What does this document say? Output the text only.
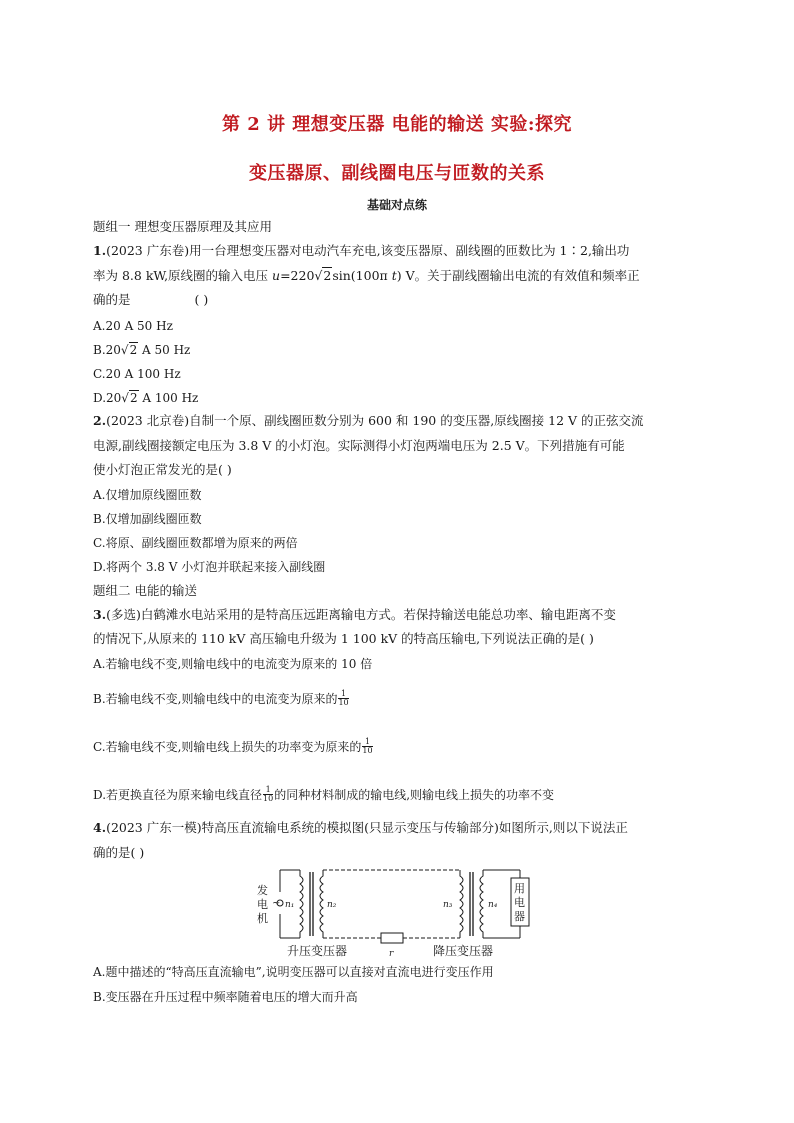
第 2 讲 理想变压器 电能的输送 实验:探究
变压器原、副线圈电压与匝数的关系
基础对点练
题组一 理想变压器原理及其应用
1.(2023 广东卷)用一台理想变压器对电动汽车充电,该变压器原、副线圈的匝数比为 1∶2,输出功
率为 8.8 kW,原线圈的输入电压 u=220√2sin(100π t) V。关于副线圈输出电流的有效值和频率正
确的是	( )
A.20 A 50 Hz
B.20√2 A 50 Hz
C.20 A 100 Hz
D.20√2 A 100 Hz
2.(2023 北京卷)自制一个原、副线圈匝数分别为 600 和 190 的变压器,原线圈接 12 V 的正弦交流
电源,副线圈接额定电压为 3.8 V 的小灯泡。实际测得小灯泡两端电压为 2.5 V。下列措施有可能
使小灯泡正常发光的是( )
A.仅增加原线圈匝数
B.仅增加副线圈匝数
C.将原、副线圈匝数都增为原来的两倍
D.将两个 3.8 V 小灯泡并联起来接入副线圈
题组二 电能的输送
3.(多选)白鹤滩水电站采用的是特高压远距离输电方式。若保持输送电能总功率、输电距离不变
的情况下,从原来的 110 kV 高压输电升级为 1 100 kV 的特高压输电,下列说法正确的是( )
A.若输电线不变,则输电线中的电流变为原来的 10 倍
B.若输电线不变,则输电线中的电流变为原来的 $\frac{1}{10}$
C.若输电线不变,则输电线上损失的功率变为原来的 $\frac{1}{10}$
D.若更换直径为原来输电线直径 $\frac{1}{10}$ 的同种材料制成的输电线,则输电线上损失的功率不变
4.(2023 广东一模)特高压直流输电系统的模拟图(只显示变压与传输部分)如图所示,则以下说法正
确的是( )
发
电
机
~ n₁	n₂	n₃	n₄
r
用
电
器
升压变压器	降压变压器
A.题中描述的“特高压直流输电”,说明变压器可以直接对直流电进行变压作用
B.变压器在升压过程中频率随着电压的增大而升高
